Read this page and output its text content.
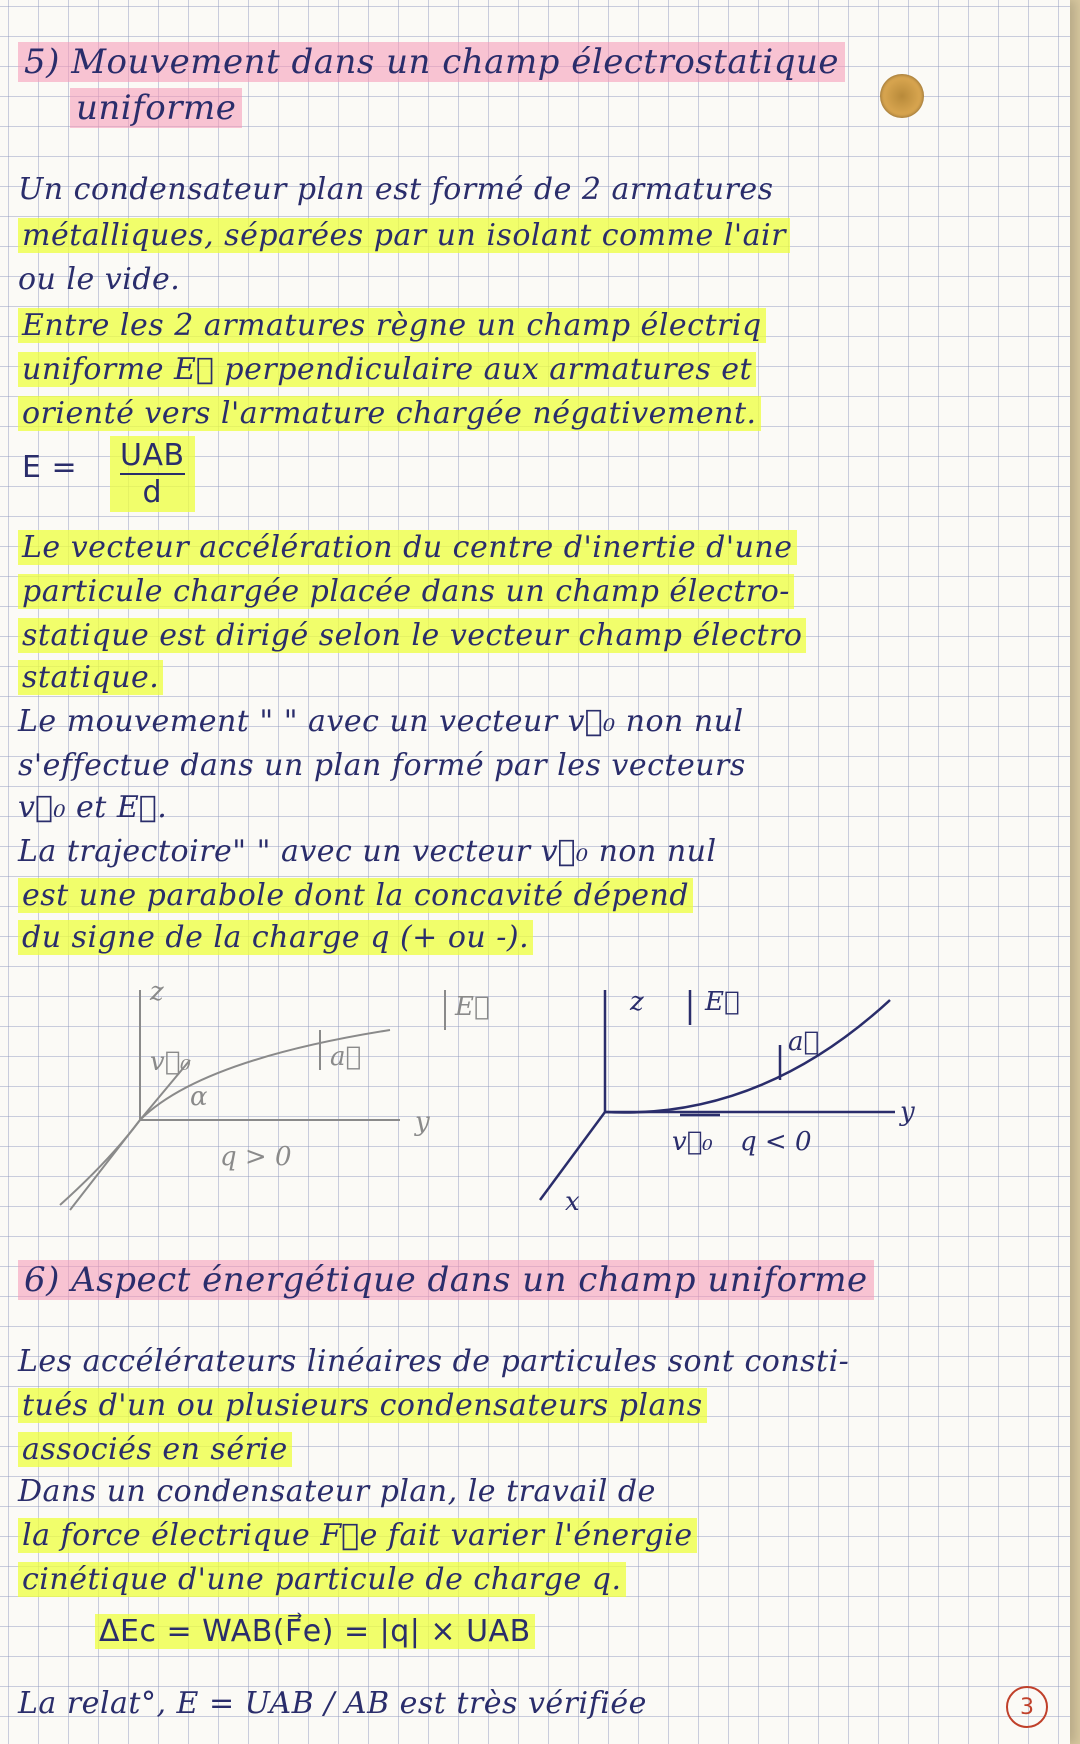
5) Mouvement dans un champ électrostatique
uniforme
Un condensateur plan est formé de 2 armatures
métalliques, séparées par un isolant comme l'air
ou le vide.
Entre les 2 armatures règne un champ électriq
uniforme E⃗ perpendiculaire aux armatures et
orienté vers l'armature chargée négativement.
E = UAB
d
Le vecteur accélération du centre d'inertie d'une
particule chargée placée dans un champ électro-
statique est dirigé selon le vecteur champ électro
statique.
Le mouvement " " avec un vecteur v⃗₀ non nul
s'effectue dans un plan formé par les vecteurs
v⃗₀ et E⃗.
La trajectoire" " avec un vecteur v⃗₀ non nul
est une parabole dont la concavité dépend
du signe de la charge q (+ ou -).
z
y
v⃗₀	a⃗
E⃗
α
q > 0
z
y
x
v⃗₀
a⃗
E⃗
q < 0
6) Aspect énergétique dans un champ uniforme
Les accélérateurs linéaires de particules sont consti-
tués d'un ou plusieurs condensateurs plans
associés en série
Dans un condensateur plan, le travail de
la force électrique F⃗e fait varier l'énergie
cinétique d'une particule de charge q.
ΔEc = WAB(F⃗e) = |q| × UAB
La relat°, E = UAB / AB est très vérifiée	3
